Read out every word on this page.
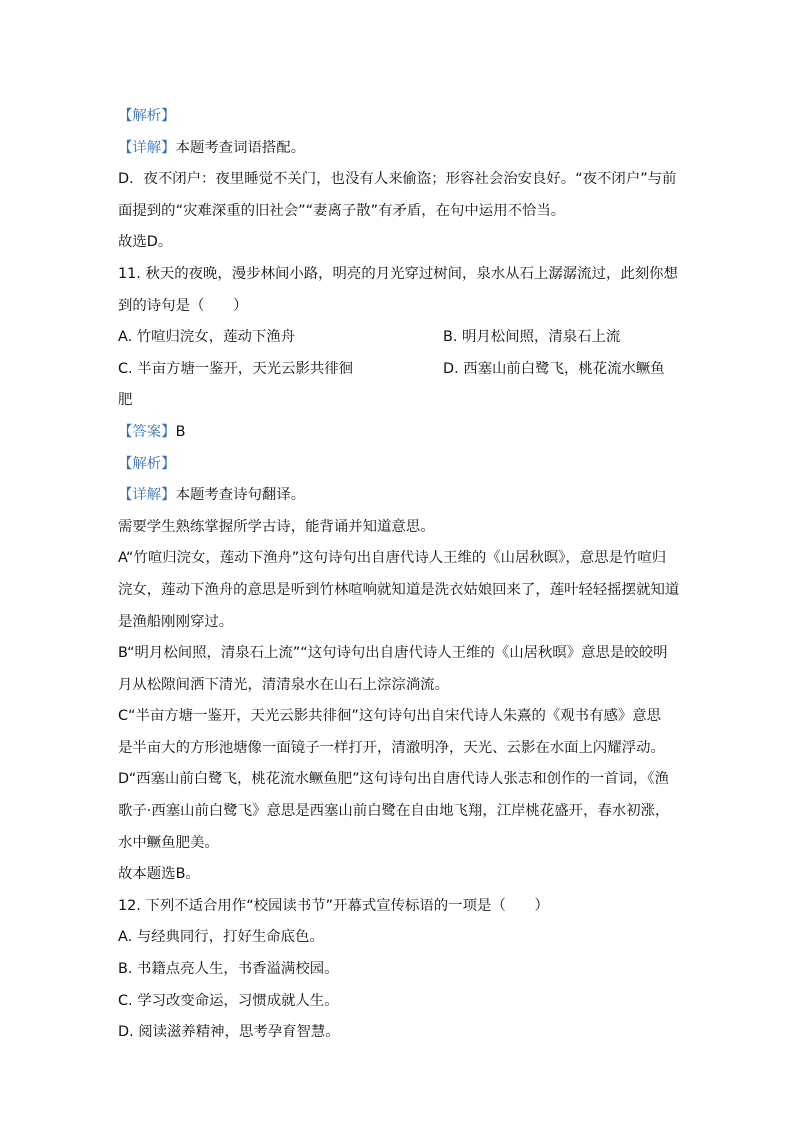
【解析】
【详解】本题考查词语搭配。
D．夜不闭户：夜里睡觉不关门，也没有人来偷盗；形容社会治安良好。“夜不闭户”与前
面提到的“灾难深重的旧社会”“妻离子散”有矛盾，在句中运用不恰当。
故选D。
11. 秋天的夜晚，漫步林间小路，明亮的月光穿过树间，泉水从石上潺潺流过，此刻你想
到的诗句是（　　）
A. 竹喧归浣女，莲动下渔舟	B. 明月松间照，清泉石上流
C. 半亩方塘一鉴开，天光云影共徘徊	D. 西塞山前白鹭飞，桃花流水鳜鱼
肥
【答案】B
【解析】
【详解】本题考查诗句翻译。
需要学生熟练掌握所学古诗，能背诵并知道意思。
A“竹喧归浣女，莲动下渔舟”这句诗句出自唐代诗人王维的《山居秋暝》，意思是竹喧归
浣女，莲动下渔舟的意思是听到竹林喧响就知道是洗衣姑娘回来了，莲叶轻轻摇摆就知道
是渔船刚刚穿过。
B“明月松间照，清泉石上流”“这句诗句出自唐代诗人王维的《山居秋暝》意思是皎皎明
月从松隙间洒下清光，清清泉水在山石上淙淙淌流。
C“半亩方塘一鉴开，天光云影共徘徊”这句诗句出自宋代诗人朱熹的《观书有感》意思
是半亩大的方形池塘像一面镜子一样打开，清澈明净，天光、云影在水面上闪耀浮动。
D“西塞山前白鹭飞，桃花流水鳜鱼肥”这句诗句出自唐代诗人张志和创作的一首词，《渔
歌子·西塞山前白鹭飞》意思是西塞山前白鹭在自由地飞翔，江岸桃花盛开，春水初涨，
水中鳜鱼肥美。
故本题选B。
12. 下列不适合用作“校园读书节”开幕式宣传标语的一项是（　　）
A. 与经典同行，打好生命底色。
B. 书籍点亮人生，书香溢满校园。
C. 学习改变命运，习惯成就人生。
D. 阅读滋养精神，思考孕育智慧。
